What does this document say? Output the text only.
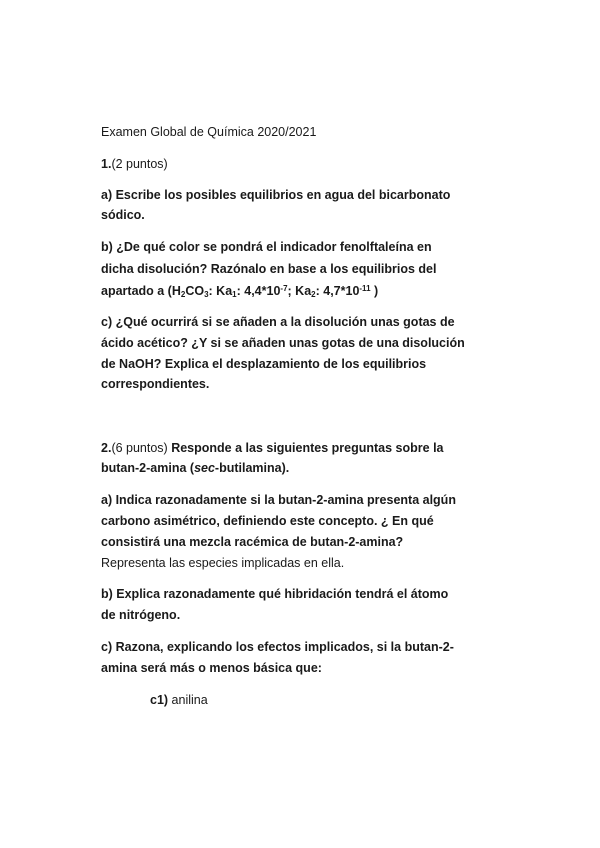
Examen Global de Química 2020/2021
1.(2 puntos)
a) Escribe los posibles equilibrios en agua del bicarbonato
sódico.
b) ¿De qué color se pondrá el indicador fenolftaleína en
dicha disolución? Razónalo en base a los equilibrios del
apartado a ($H_2CO_3$: $Ka_1$: $4,4*10^{-7}$; $Ka_2$: $4,7*10^{-11}$ )
c) ¿Qué ocurrirá si se añaden a la disolución unas gotas de
ácido acético? ¿Y si se añaden unas gotas de una disolución
de NaOH? Explica el desplazamiento de los equilibrios
correspondientes.
2.(6 puntos) Responde a las siguientes preguntas sobre la
butan-2-amina (sec-butilamina).
a) Indica razonadamente si la butan-2-amina presenta algún
carbono asimétrico, definiendo este concepto. ¿ En qué
consistirá una mezcla racémica de butan-2-amina?
Representa las especies implicadas en ella.
b) Explica razonadamente qué hibridación tendrá el átomo
de nitrógeno.
c) Razona, explicando los efectos implicados, si la butan-2-
amina será más o menos básica que:
c1) anilina
